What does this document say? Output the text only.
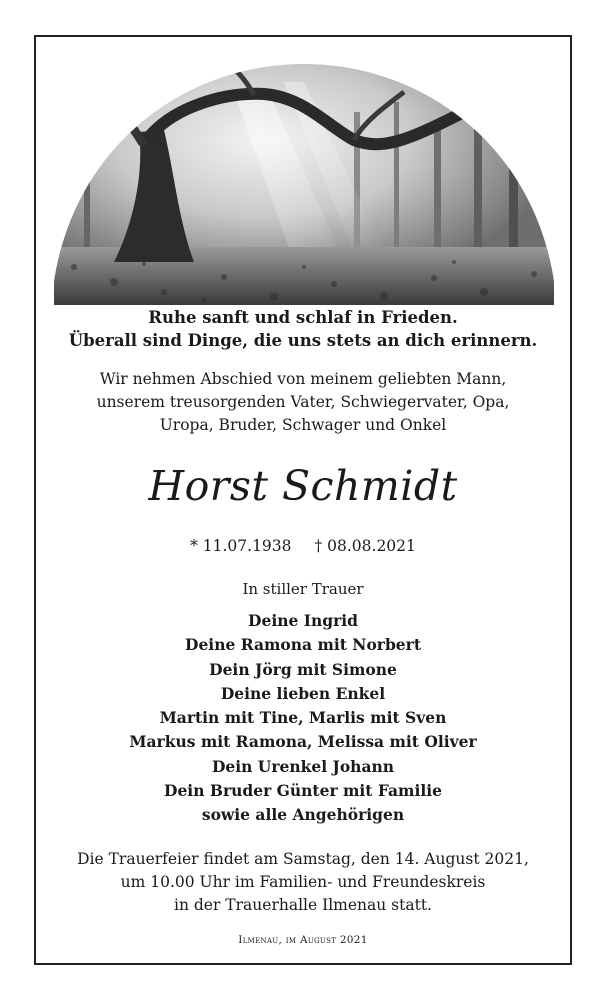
Ruhe sanft und schlaf in Frieden.
Überall sind Dinge, die uns stets an dich erinnern.
Wir nehmen Abschied von meinem geliebten Mann,
unserem treusorgenden Vater, Schwiegervater, Opa,
Uropa, Bruder, Schwager und Onkel
Horst Schmidt
* 11.07.1938 † 08.08.2021
In stiller Trauer
Deine Ingrid
Deine Ramona mit Norbert
Dein Jörg mit Simone
Deine lieben Enkel
Martin mit Tine, Marlis mit Sven
Markus mit Ramona, Melissa mit Oliver
Dein Urenkel Johann
Dein Bruder Günter mit Familie
sowie alle Angehörigen
Die Trauerfeier findet am Samstag, den 14. August 2021,
um 10.00 Uhr im Familien- und Freundeskreis
in der Trauerhalle Ilmenau statt.
Ilmenau, im August 2021
